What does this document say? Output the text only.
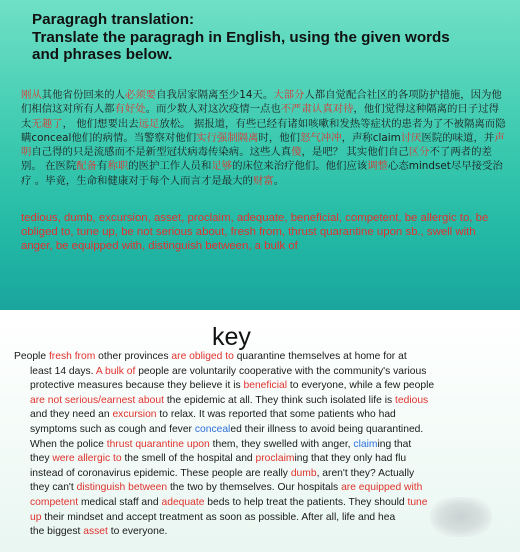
Paragragh translation:
Translate the paragragh in English, using the given words
and phrases below.
刚从其他省份回来的人必须要自我居家隔离至少14天。大部分人都自觉配合社区的各项防护措施，因为他们相信这对所有人都有好处。而少数人对这次疫情一点也不严肃认真对待，他们觉得这种隔离的日子过得太无趣了， 他们想要出去远足放松。 据报道，有些已经有诸如咳嗽和发热等症状的患者为了不被隔离而隐瞒conceal他们的病情。当警察对他们实行强制隔离时，他们怒气冲冲，声称claim讨厌医院的味道，并声明自己得的只是流感而不是新型冠状病毒传染病。这些人真傻，是吧？ 其实他们自己区分不了两者的差别。 在医院配备有称职的医护工作人员和足够的床位来治疗他们。他们应该调整心态mindset尽早接受治疗 。毕竟，生命和健康对于每个人而言才是最大的财富。
tedious, dumb, excursion, asset, proclaim, adequate, beneficial, competent, be allergic to, be obliged to, tune up, be not serious about, fresh from, thrust quarantine upon sb., swell with anger, be equipped with, distinguish between, a bulk of
key
People fresh from other provinces are obliged to quarantine themselves at home for at
least 14 days. A bulk of people are voluntarily cooperative with the community's various
protective measures because they believe it is beneficial to everyone, while a few people
are not serious/earnest about the epidemic at all. They think such isolated life is tedious
and they need an excursion to relax. It was reported that some patients who had
symptoms such as cough and fever concealed their illness to avoid being quarantined.
When the police thrust quarantine upon them, they swelled with anger, claiming that
they were allergic to the smell of the hospital and proclaiming that they only had flu
instead of coronavirus epidemic. These people are really dumb, aren't they? Actually
they can't distinguish between the two by themselves. Our hospitals are equipped with
competent medical staff and adequate beds to help treat the patients. They should tune
up their mindset and accept treatment as soon as possible. After all, life and hea
the biggest asset to everyone.
